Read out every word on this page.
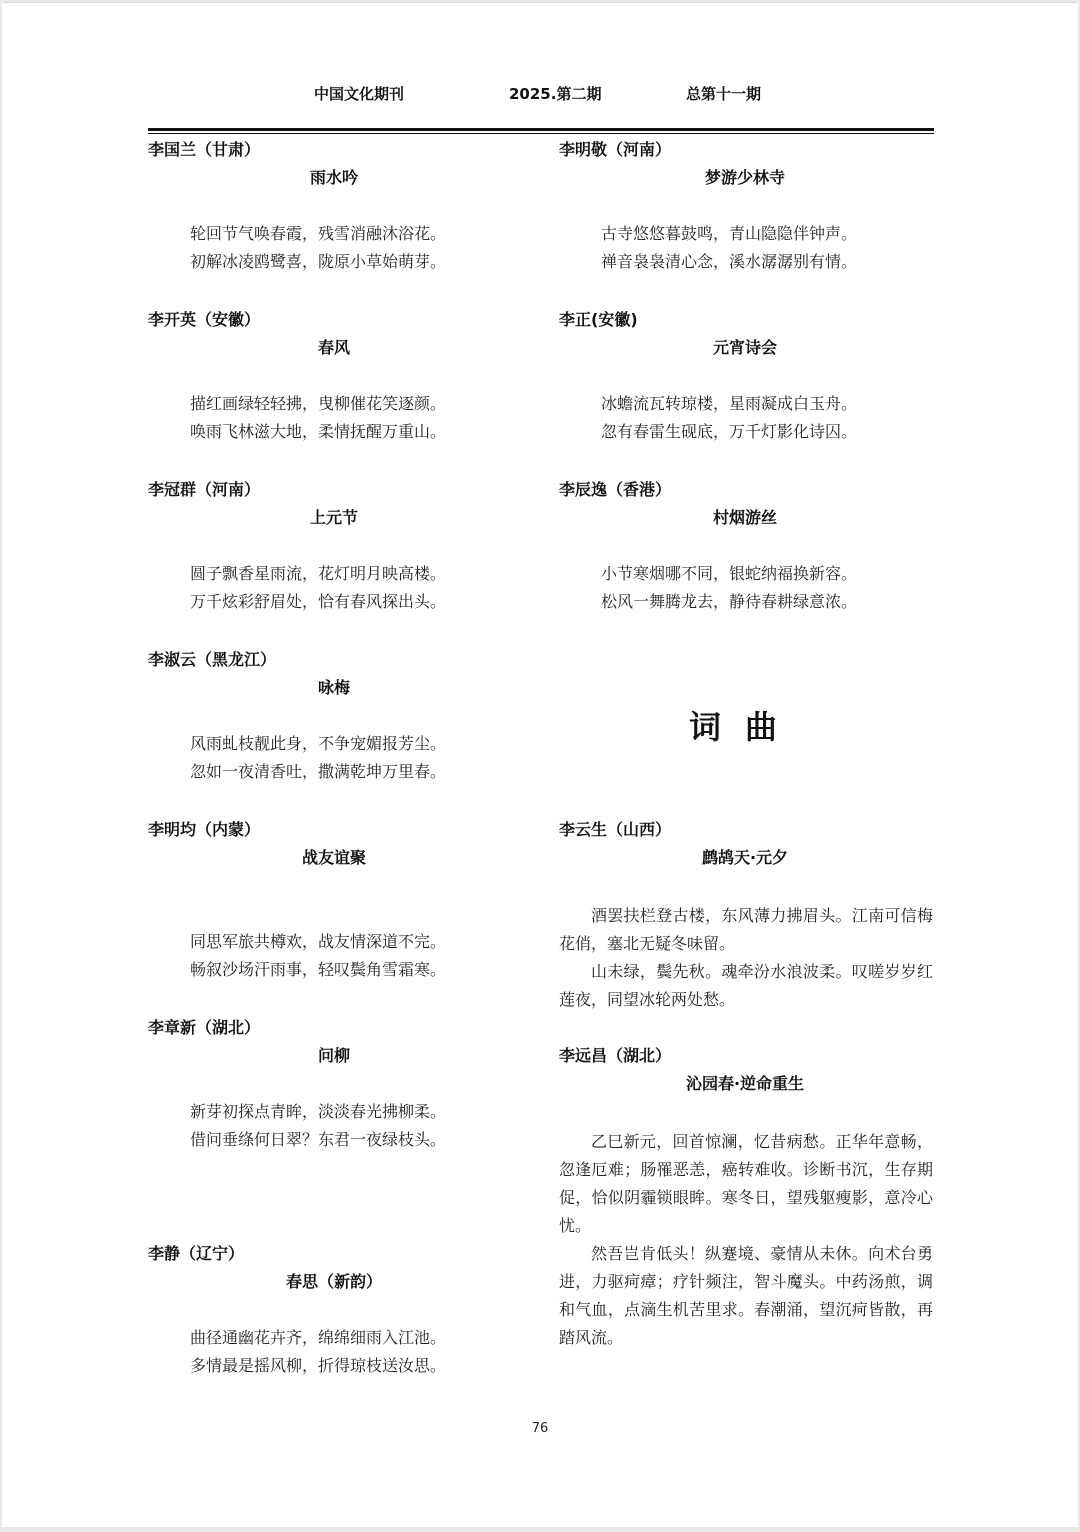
中国文化期刊	2025.第二期	总第十一期
李国兰（甘肃）
雨水吟
轮回节气唤春霞，残雪消融沐浴花。
初解冰凌鸥鹭喜，陇原小草始萌芽。
李开英（安徽）
春风
描红画绿轻轻拂，曳柳催花笑逐颜。
唤雨飞林滋大地，柔情抚醒万重山。
李冠群（河南）
上元节
圆子飘香星雨流，花灯明月映高楼。
万千炫彩舒眉处，恰有春风探出头。
李淑云（黑龙江）
咏梅
风雨虬枝靓此身，不争宠媚报芳尘。
忽如一夜清香吐，撒满乾坤万里春。
李明均（内蒙）
战友谊聚
同思军旅共樽欢，战友情深道不完。
畅叙沙场汗雨事，轻叹鬓角雪霜寒。
李章新（湖北）
问柳
新芽初探点青眸，淡淡春光拂柳柔。
借问垂绦何日翠？东君一夜绿枝头。
李静（辽宁）
春思（新韵）
曲径通幽花卉齐，绵绵细雨入江池。
多情最是摇风柳，折得琼枝送汝思。
李明敬（河南）
梦游少林寺
古寺悠悠暮鼓鸣，青山隐隐伴钟声。
禅音袅袅清心念，溪水潺潺别有情。
李正(安徽)
元宵诗会
冰蟾流瓦转琼楼，星雨凝成白玉舟。
忽有春雷生砚底，万千灯影化诗囚。
李辰逸（香港）
村烟游丝
小节寒烟哪不同，银蛇纳福换新容。
松风一舞腾龙去，静待春耕绿意浓。
词曲
李云生（山西）
鹧鸪天·元夕

酒罢扶栏登古楼，东风薄力拂眉头。江南可信梅花俏，塞北无疑冬味留。

山未绿，鬓先秋。魂牵汾水浪波柔。叹嗟岁岁红莲夜，同望冰轮两处愁。

李远昌（湖北）
沁园春·逆命重生

乙巳新元，回首惊澜，忆昔病愁。正华年意畅，忽逢厄难；肠罹恶恙，癌转难收。诊断书沉，生存期促，恰似阴霾锁眼眸。寒冬日，望残躯瘦影，意冷心忧。

然吾岂肯低头！纵蹇境、豪情从未休。向术台勇进，力驱疴瘴；疗针频注，智斗魔头。中药汤煎，调和气血，点滴生机苦里求。春潮涌，望沉疴皆散，再踏风流。

76
